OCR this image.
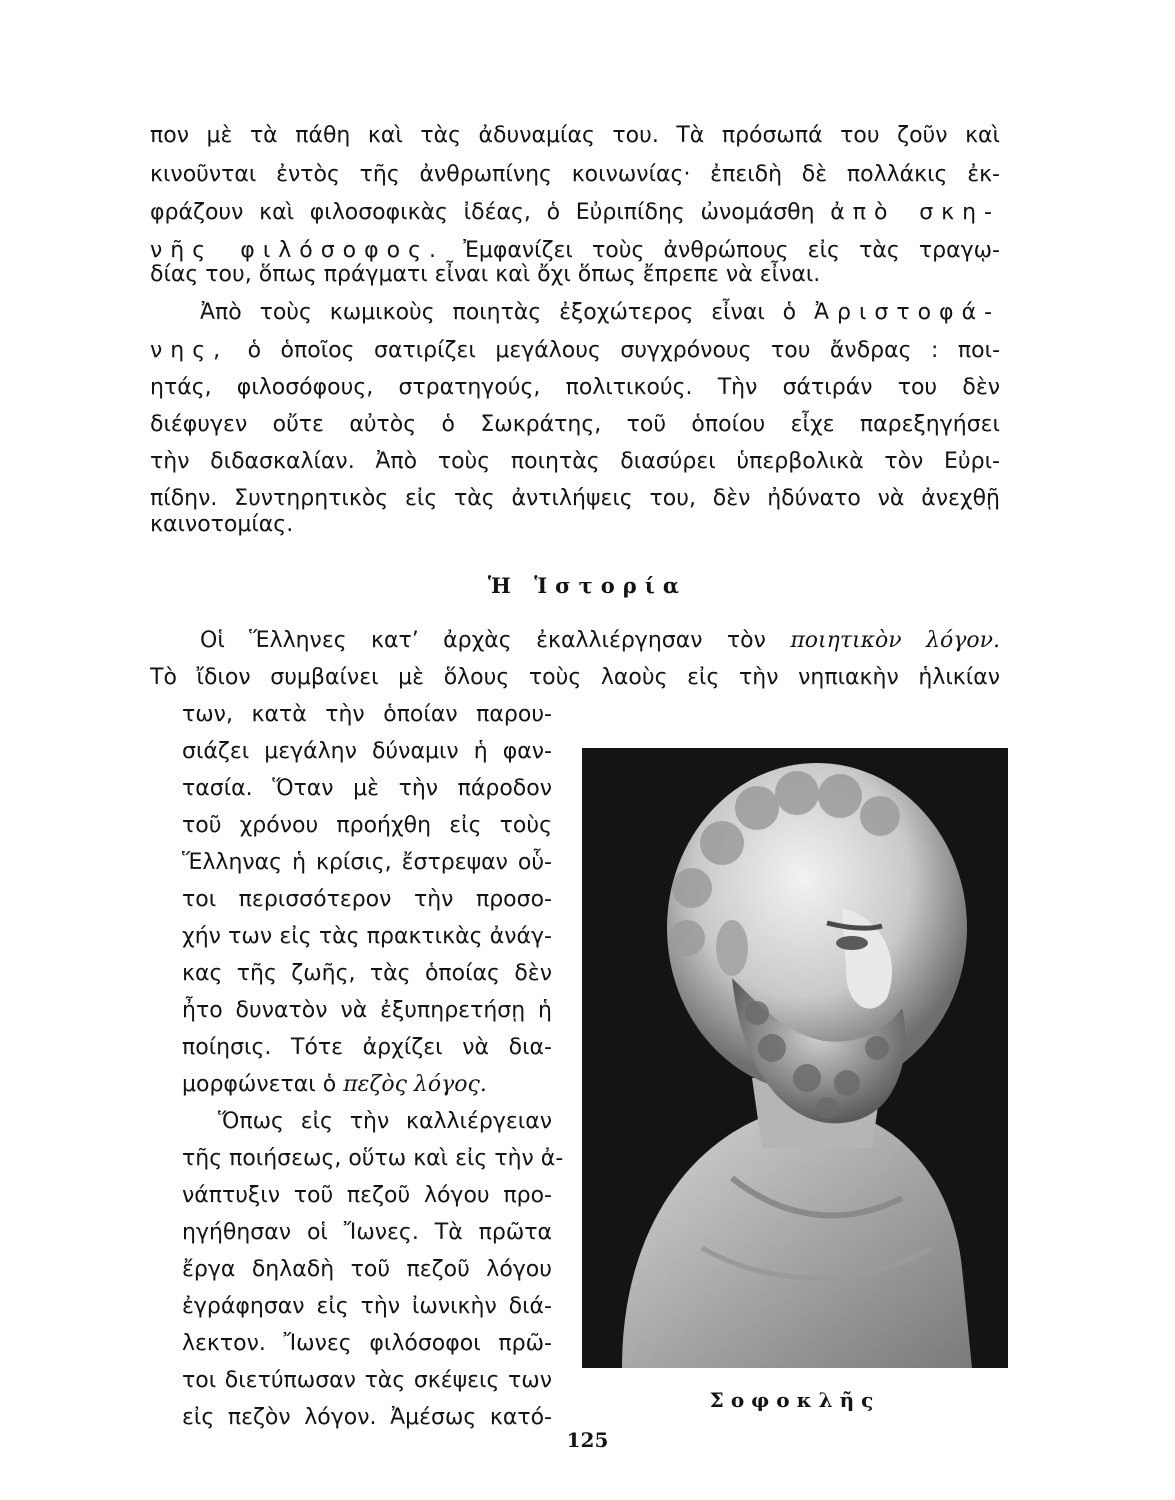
πον μὲ τὰ πάθη καὶ τὰς ἀδυναμίας του. Τὰ πρόσωπά του ζοῦν καὶ
κινοῦνται ἐντὸς τῆς ἀνθρωπίνης κοινωνίας· ἐπειδὴ δὲ πολλάκις ἐκ-
φράζουν καὶ φιλοσοφικὰς ἰδέας, ὁ Εὐριπίδης ὠνομάσθη ἀπὸ σκη-
νῆς φιλόσοφος. Ἐμφανίζει τοὺς ἀνθρώπους εἰς τὰς τραγῳ-
δίας του, ὅπως πράγματι εἶναι καὶ ὄχι ὅπως ἔπρεπε νὰ εἶναι.
Ἀπὸ τοὺς κωμικοὺς ποιητὰς ἐξοχώτερος εἶναι ὁ Ἀριστοφά-
νης, ὁ ὁποῖος σατιρίζει μεγάλους συγχρόνους του ἄνδρας : ποι-
ητάς, φιλοσόφους, στρατηγούς, πολιτικούς. Τὴν σάτιράν του δὲν
διέφυγεν οὔτε αὐτὸς ὁ Σωκράτης, τοῦ ὁποίου εἶχε παρεξηγήσει
τὴν διδασκαλίαν. Ἀπὸ τοὺς ποιητὰς διασύρει ὑπερβολικὰ τὸν Εὐρι-
πίδην. Συντηρητικὸς εἰς τὰς ἀντιλήψεις του, δὲν ἠδύνατο νὰ ἀνεχθῇ
καινοτομίας.
Ἡ Ἱστορία
Οἱ Ἕλληνες κατ’ ἀρχὰς ἐκαλλιέργησαν τὸν ποιητικὸν λόγον.
Τὸ ἴδιον συμβαίνει μὲ ὅλους τοὺς λαοὺς εἰς τὴν νηπιακὴν ἡλικίαν
των, κατὰ τὴν ὁποίαν παρου-
σιάζει μεγάλην δύναμιν ἡ φαν-
τασία. Ὅταν μὲ τὴν πάροδον
τοῦ χρόνου προήχθη εἰς τοὺς
Ἕλληνας ἡ κρίσις, ἔστρεψαν οὗ-
τοι περισσότερον τὴν προσο-
χήν των εἰς τὰς πρακτικὰς ἀνάγ-
κας τῆς ζωῆς, τὰς ὁποίας δὲν
ἦτο δυνατὸν νὰ ἐξυπηρετήσῃ ἡ
ποίησις. Τότε ἀρχίζει νὰ δια-
μορφώνεται ὁ πεζὸς λόγος.
Ὅπως εἰς τὴν καλλιέργειαν
τῆς ποιήσεως, οὕτω καὶ εἰς τὴν ἀ-
νάπτυξιν τοῦ πεζοῦ λόγου προ-
ηγήθησαν οἱ Ἴωνες. Τὰ πρῶτα
ἔργα δηλαδὴ τοῦ πεζοῦ λόγου
ἐγράφησαν εἰς τὴν ἰωνικὴν διά-
λεκτον. Ἴωνες φιλόσοφοι πρῶ-
τοι διετύπωσαν τὰς σκέψεις των
εἰς πεζὸν λόγον. Ἀμέσως κατό-
Σοφοκλῆς
125
